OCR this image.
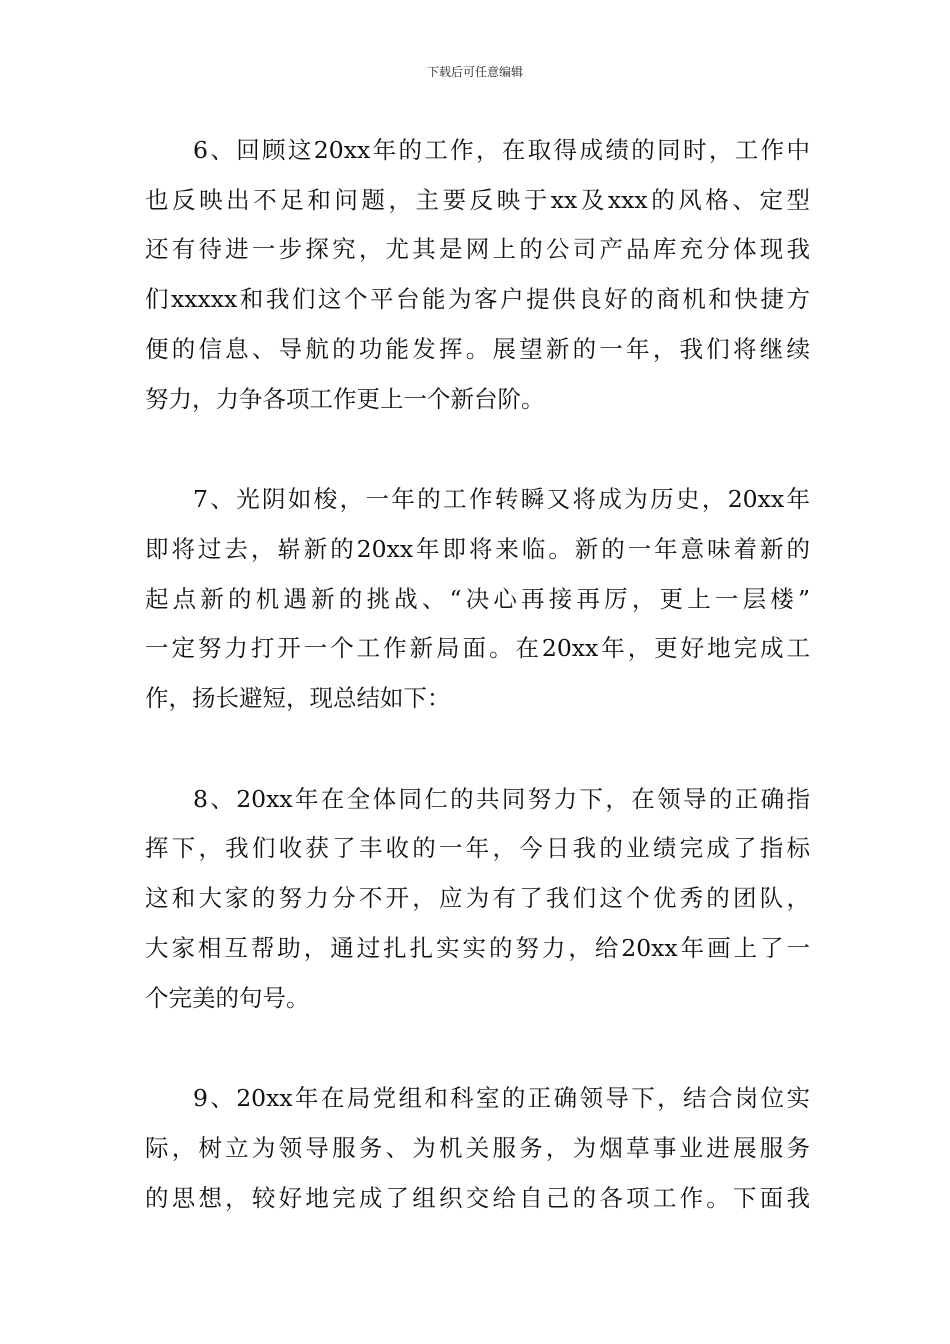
下载后可任意编辑

6、回顾这20xx年的工作，在取得成绩的同时，工作中
也反映出不足和问题，主要反映于xx及xxx的风格、定型
还有待进一步探究，尤其是网上的公司产品库充分体现我
们xxxxx和我们这个平台能为客户提供良好的商机和快捷方
便的信息、导航的功能发挥。展望新的一年，我们将继续
努力，力争各项工作更上一个新台阶。

7、光阴如梭，一年的工作转瞬又将成为历史，20xx年
即将过去，崭新的20xx年即将来临。新的一年意味着新的
起点新的机遇新的挑战、“决心再接再厉，更上一层楼”
一定努力打开一个工作新局面。在20xx年，更好地完成工
作，扬长避短，现总结如下：

8、20xx年在全体同仁的共同努力下，在领导的正确指
挥下，我们收获了丰收的一年，今日我的业绩完成了指标
这和大家的努力分不开，应为有了我们这个优秀的团队，
大家相互帮助，通过扎扎实实的努力，给20xx年画上了一
个完美的句号。

9、20xx年在局党组和科室的正确领导下，结合岗位实
际，树立为领导服务、为机关服务，为烟草事业进展服务
的思想，较好地完成了组织交给自己的各项工作。下面我
